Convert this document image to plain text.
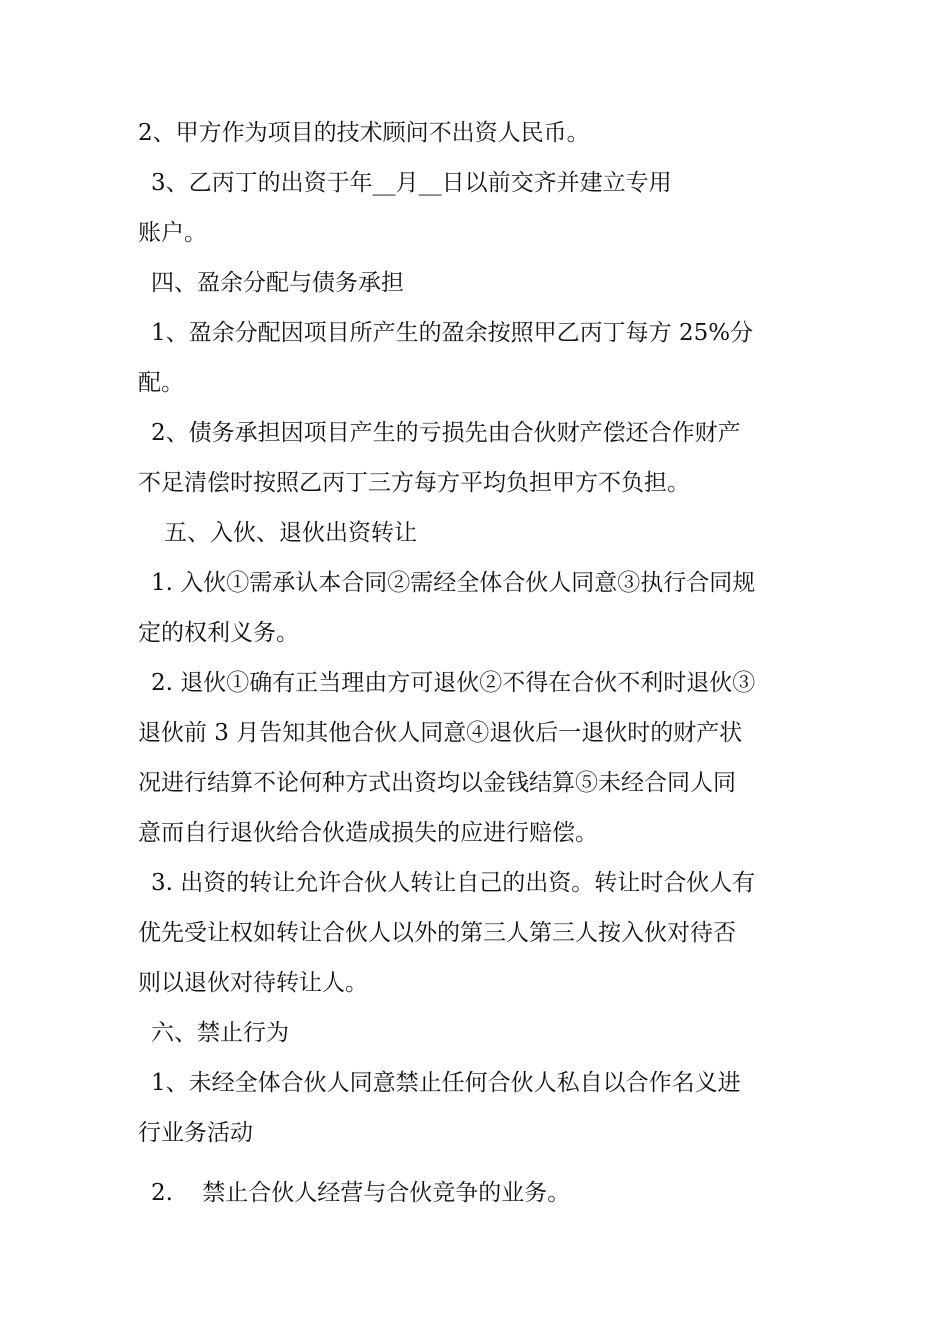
2、甲方作为项目的技术顾问不出资人民币。
3、乙丙丁的出资于年__月__日以前交齐并建立专用
账户。
四、盈余分配与债务承担
1、盈余分配因项目所产生的盈余按照甲乙丙丁每方 25%分
配。
2、债务承担因项目产生的亏损先由合伙财产偿还合作财产
不足清偿时按照乙丙丁三方每方平均负担甲方不负担。
五、入伙、退伙出资转让
1. 入伙①需承认本合同②需经全体合伙人同意③执行合同规
定的权利义务。
2. 退伙①确有正当理由方可退伙②不得在合伙不利时退伙③
退伙前 3 月告知其他合伙人同意④退伙后一退伙时的财产状
况进行结算不论何种方式出资均以金钱结算⑤未经合同人同
意而自行退伙给合伙造成损失的应进行赔偿。
3. 出资的转让允许合伙人转让自己的出资。转让时合伙人有
优先受让权如转让合伙人以外的第三人第三人按入伙对待否
则以退伙对待转让人。
六、禁止行为
1、未经全体合伙人同意禁止任何合伙人私自以合作名义进
行业务活动
2.    禁止合伙人经营与合伙竞争的业务。
